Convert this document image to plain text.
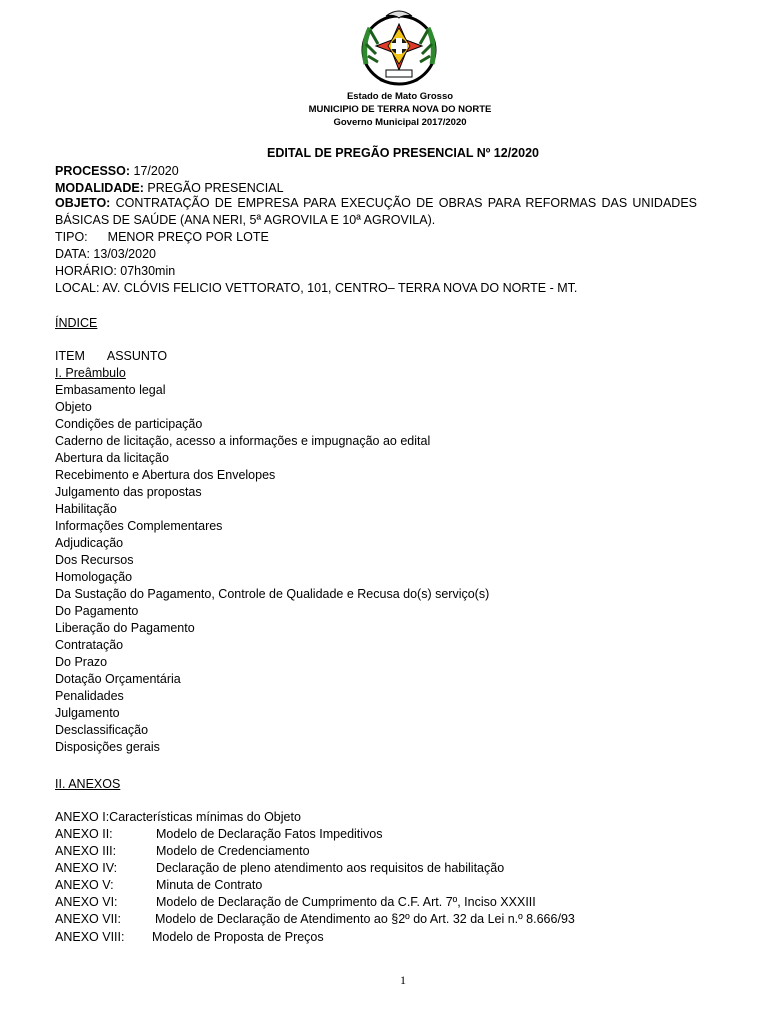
Estado de Mato Grosso
MUNICIPIO DE TERRA NOVA DO NORTE
Governo Municipal 2017/2020
EDITAL DE PREGÃO PRESENCIAL Nº 12/2020
PROCESSO: 17/2020
MODALIDADE: PREGÃO PRESENCIAL
OBJETO: CONTRATAÇÃO DE EMPRESA PARA EXECUÇÃO DE OBRAS PARA REFORMAS DAS UNIDADES
BÁSICAS DE SAÚDE (ANA NERI, 5ª AGROVILA E 10ª AGROVILA).
TIPO: MENOR PREÇO POR LOTE
DATA: 13/03/2020
HORÁRIO: 07h30min
LOCAL: AV. CLÓVIS FELICIO VETTORATO, 101, CENTRO– TERRA NOVA DO NORTE - MT.
ÍNDICE
ITEM ASSUNTO
I. Preâmbulo
Embasamento legal
Objeto
Condições de participação
Caderno de licitação, acesso a informações e impugnação ao edital
Abertura da licitação
Recebimento e Abertura dos Envelopes
Julgamento das propostas
Habilitação
Informações Complementares
Adjudicação
Dos Recursos
Homologação
Da Sustação do Pagamento, Controle de Qualidade e Recusa do(s) serviço(s)
Do Pagamento
Liberação do Pagamento
Contratação
Do Prazo
Dotação Orçamentária
Penalidades
Julgamento
Desclassificação
Disposições gerais
II. ANEXOS
ANEXO I:Características mínimas do Objeto
ANEXO II:	Modelo de Declaração Fatos Impeditivos
ANEXO III:	Modelo de Credenciamento
ANEXO IV:	Declaração de pleno atendimento aos requisitos de habilitação
ANEXO V:	Minuta de Contrato
ANEXO VI:	Modelo de Declaração de Cumprimento da C.F. Art. 7º, Inciso XXXIII
ANEXO VII:	Modelo de Declaração de Atendimento ao §2º do Art. 32 da Lei n.º 8.666/93
ANEXO VIII: Modelo de Proposta de Preços
1
